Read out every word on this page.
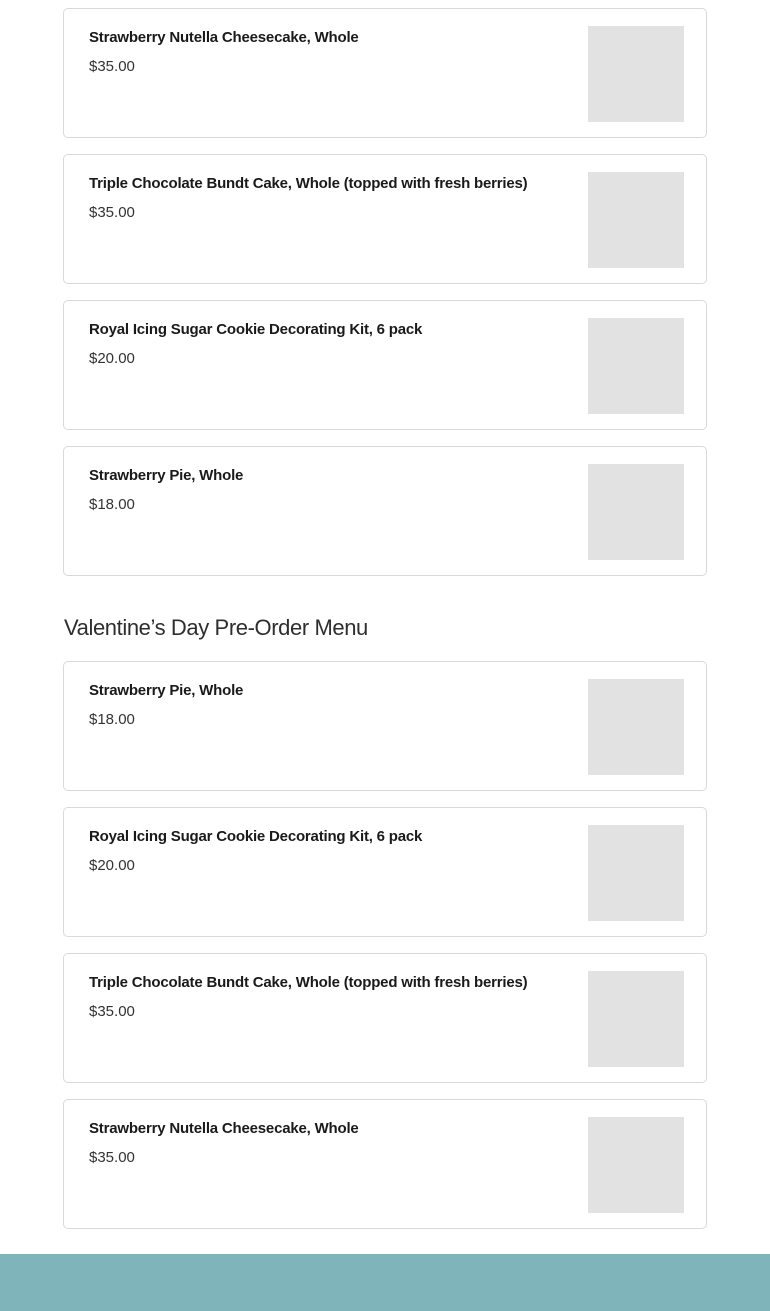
Strawberry Nutella Cheesecake, Whole
$35.00
Triple Chocolate Bundt Cake, Whole (topped with fresh berries)
$35.00
Royal Icing Sugar Cookie Decorating Kit, 6 pack
$20.00
Strawberry Pie, Whole
$18.00
Valentine’s Day Pre-Order Menu
Strawberry Pie, Whole
$18.00
Royal Icing Sugar Cookie Decorating Kit, 6 pack
$20.00
Triple Chocolate Bundt Cake, Whole (topped with fresh berries)
$35.00
Strawberry Nutella Cheesecake, Whole
$35.00
